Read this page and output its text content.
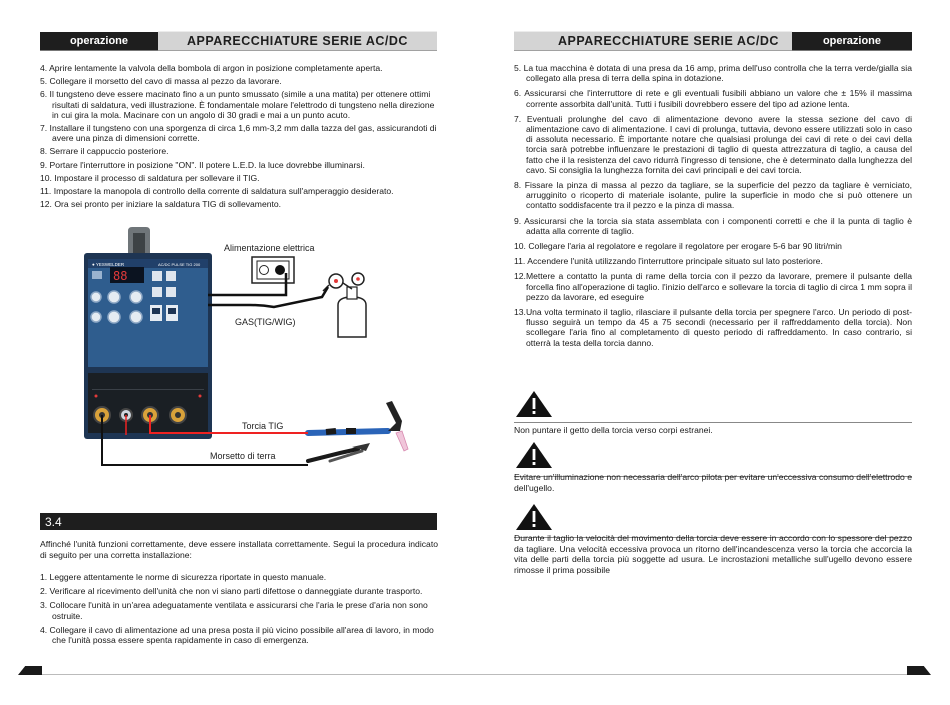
operazione	APPARECCHIATURE SERIE AC/DC
4. Aprire lentamente la valvola della bombola di argon in posizione completamente aperta.
5. Collegare il morsetto del cavo di massa al pezzo da lavorare.
6. Il tungsteno deve essere macinato fino a un punto smussato (simile a una matita) per ottenere ottimi risultati di saldatura, vedi illustrazione. È fondamentale molare l'elettrodo di tungsteno nella direzione in cui gira la mola. Macinare con un angolo di 30 gradi e mai a un punto acuto.
7. Installare il tungsteno con una sporgenza di circa 1,6 mm-3,2 mm dalla tazza del gas, assicurandoti di avere una pinza di dimensioni corrette.
8. Serrare il cappuccio posteriore.
9. Portare l'interruttore in posizione "ON". Il potere L.E.D. la luce dovrebbe illuminarsi.
10. Impostare il processo di saldatura per sollevare il TIG.
11. Impostare la manopola di controllo della corrente di saldatura sull'amperaggio desiderato.
12. Ora sei pronto per iniziare la saldatura TIG di sollevamento.
● YESWELDER	AC/DC PULSE TIG 200
88
Alimentazione elettrica
GAS(TIG/WIG)
Torcia TIG
Morsetto di terra
3.4

Affinché l'unità funzioni correttamente, deve essere installata correttamente. Segui la procedura indicato di seguito per una corretta installazione:

1. Leggere attentamente le norme di sicurezza riportate in questo manuale.
2. Verificare al ricevimento dell'unità che non vi siano parti difettose o danneggiate durante trasporto.
3. Collocare l'unità in un'area adeguatamente ventilata e assicurarsi che l'aria le prese d'aria non sono ostruite.
4. Collegare il cavo di alimentazione ad una presa posta il più vicino possibile all'area di lavoro, in modo che l'unità possa essere spenta rapidamente in caso di emergenza.
APPARECCHIATURE SERIE AC/DC	operazione
5. La tua macchina è dotata di una presa da 16 amp, prima dell'uso controlla che la terra verde/gialla sia collegato alla presa di terra della spina in dotazione.
6. Assicurarsi che l'interruttore di rete e gli eventuali fusibili abbiano un valore che ± 15% il massima corrente assorbita dall'unità. Tutti i fusibili dovrebbero essere del tipo ad azione lenta.
7. Eventuali prolunghe del cavo di alimentazione devono avere la stessa sezione del cavo di alimentazione cavo di alimentazione. I cavi di prolunga, tuttavia, devono essere utilizzati solo in caso di assoluta necessario. È importante notare che qualsiasi prolunga dei cavi di rete o dei cavi della torcia sarà potrebbe influenzare le prestazioni di taglio di questa attrezzatura di taglio, a causa del fatto che il la resistenza del cavo ridurrà l'ingresso di tensione, che è determinato dalla lunghezza del cavo. Si consiglia la lunghezza fornita dei cavi principali e dei cavi torcia.
8. Fissare la pinza di massa al pezzo da tagliare, se la superficie del pezzo da tagliare è verniciato, arrugginito o ricoperto di materiale isolante, pulire la superficie in modo che si può ottenere un contatto soddisfacente tra il pezzo e la pinza di massa.
9. Assicurarsi che la torcia sia stata assemblata con i componenti corretti e che il la punta di taglio è adatta alla corrente di taglio.
10. Collegare l'aria al regolatore e regolare il regolatore per erogare 5-6 bar 90 litri/min
11. Accendere l'unità utilizzando l'interruttore principale situato sul lato posteriore.
12.Mettere a contatto la punta di rame della torcia con il pezzo da lavorare, premere il pulsante della forcella fino all'operazione di taglio. l'inizio dell'arco e sollevare la torcia di taglio di circa 1 mm sopra il pezzo da lavorare, ed eseguire
13.Una volta terminato il taglio, rilasciare il pulsante della torcia per spegnere l'arco. Un periodo di post-flusso seguirà un tempo da 45 a 75 secondi (necessario per il raffreddamento della torcia). Non scollegare l'aria fino al completamento di questo periodo di raffreddamento. In caso contrario, si otterrà la testa della torcia danno.

Non puntare il getto della torcia verso corpi estranei.

Evitare un'illuminazione non necessaria dell'arco pilota per evitare un'eccessiva consumo dell'elettrodo e dell'ugello.

Durante il taglio la velocità del movimento della torcia deve essere in accordo con lo spessore del pezzo da tagliare. Una velocità eccessiva provoca un ritorno dell'incandescenza verso la torcia che accorcia la vita delle parti della torcia più soggette ad usura. Le incrostazioni metalliche sull'ugello devono essere rimosse il prima possibile
